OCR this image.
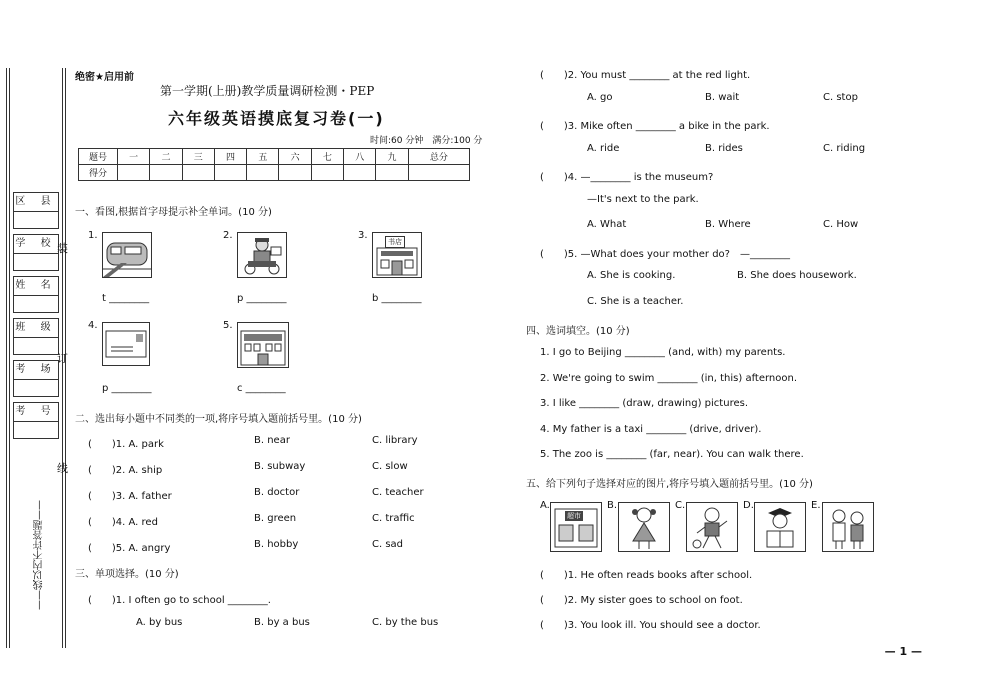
区 县
学 校
姓 名
班 级
考 场
考 号
装
订
线
——线以内不许答题——
绝密★启用前
第一学期(上册)教学质量调研检测・PEP
六年级英语摸底复习卷(一)
时间:60 分钟　满分:100 分
题号	一	二	三	四	五	六	七	八	九	总分
得分										
一、看图,根据首字母提示补全单词。(10 分)
1.
t ________
2.
p ________
3.
书店
b ________
4.
p ________
5.
c ________
二、选出每小题中不同类的一项,将序号填入题前括号里。(10 分)
(　　)1. A. park	B. near	C. library
(　　)2. A. ship	B. subway	C. slow
(　　)3. A. father	B. doctor	C. teacher
(　　)4. A. red	B. green	C. traffic
(　　)5. A. angry	B. hobby	C. sad
三、单项选择。(10 分)
(　　)1. I often go to school ________.
A. by bus	B. by a bus	C. by the bus
(　　)2. You must ________ at the red light.
A. go	B. wait	C. stop
(　　)3. Mike often ________ a bike in the park.
A. ride	B. rides	C. riding
(　　)4. —________ is the museum?
—It's next to the park.
A. What	B. Where	C. How
(　　)5. —What does your mother do?　—________
A. She is cooking.	B. She does housework.
C. She is a teacher.
四、选词填空。(10 分)
1. I go to Beijing ________ (and, with) my parents.
2. We're going to swim ________ (in, this) afternoon.
3. I like ________ (draw, drawing) pictures.
4. My father is a taxi ________ (drive, driver).
5. The zoo is ________ (far, near). You can walk there.
五、给下列句子选择对应的图片,将序号填入题前括号里。(10 分)
A.
超市
B.	C.	D.	E.
(　　)1. He often reads books after school.
(　　)2. My sister goes to school on foot.
(　　)3. You look ill. You should see a doctor.
— 1 —
